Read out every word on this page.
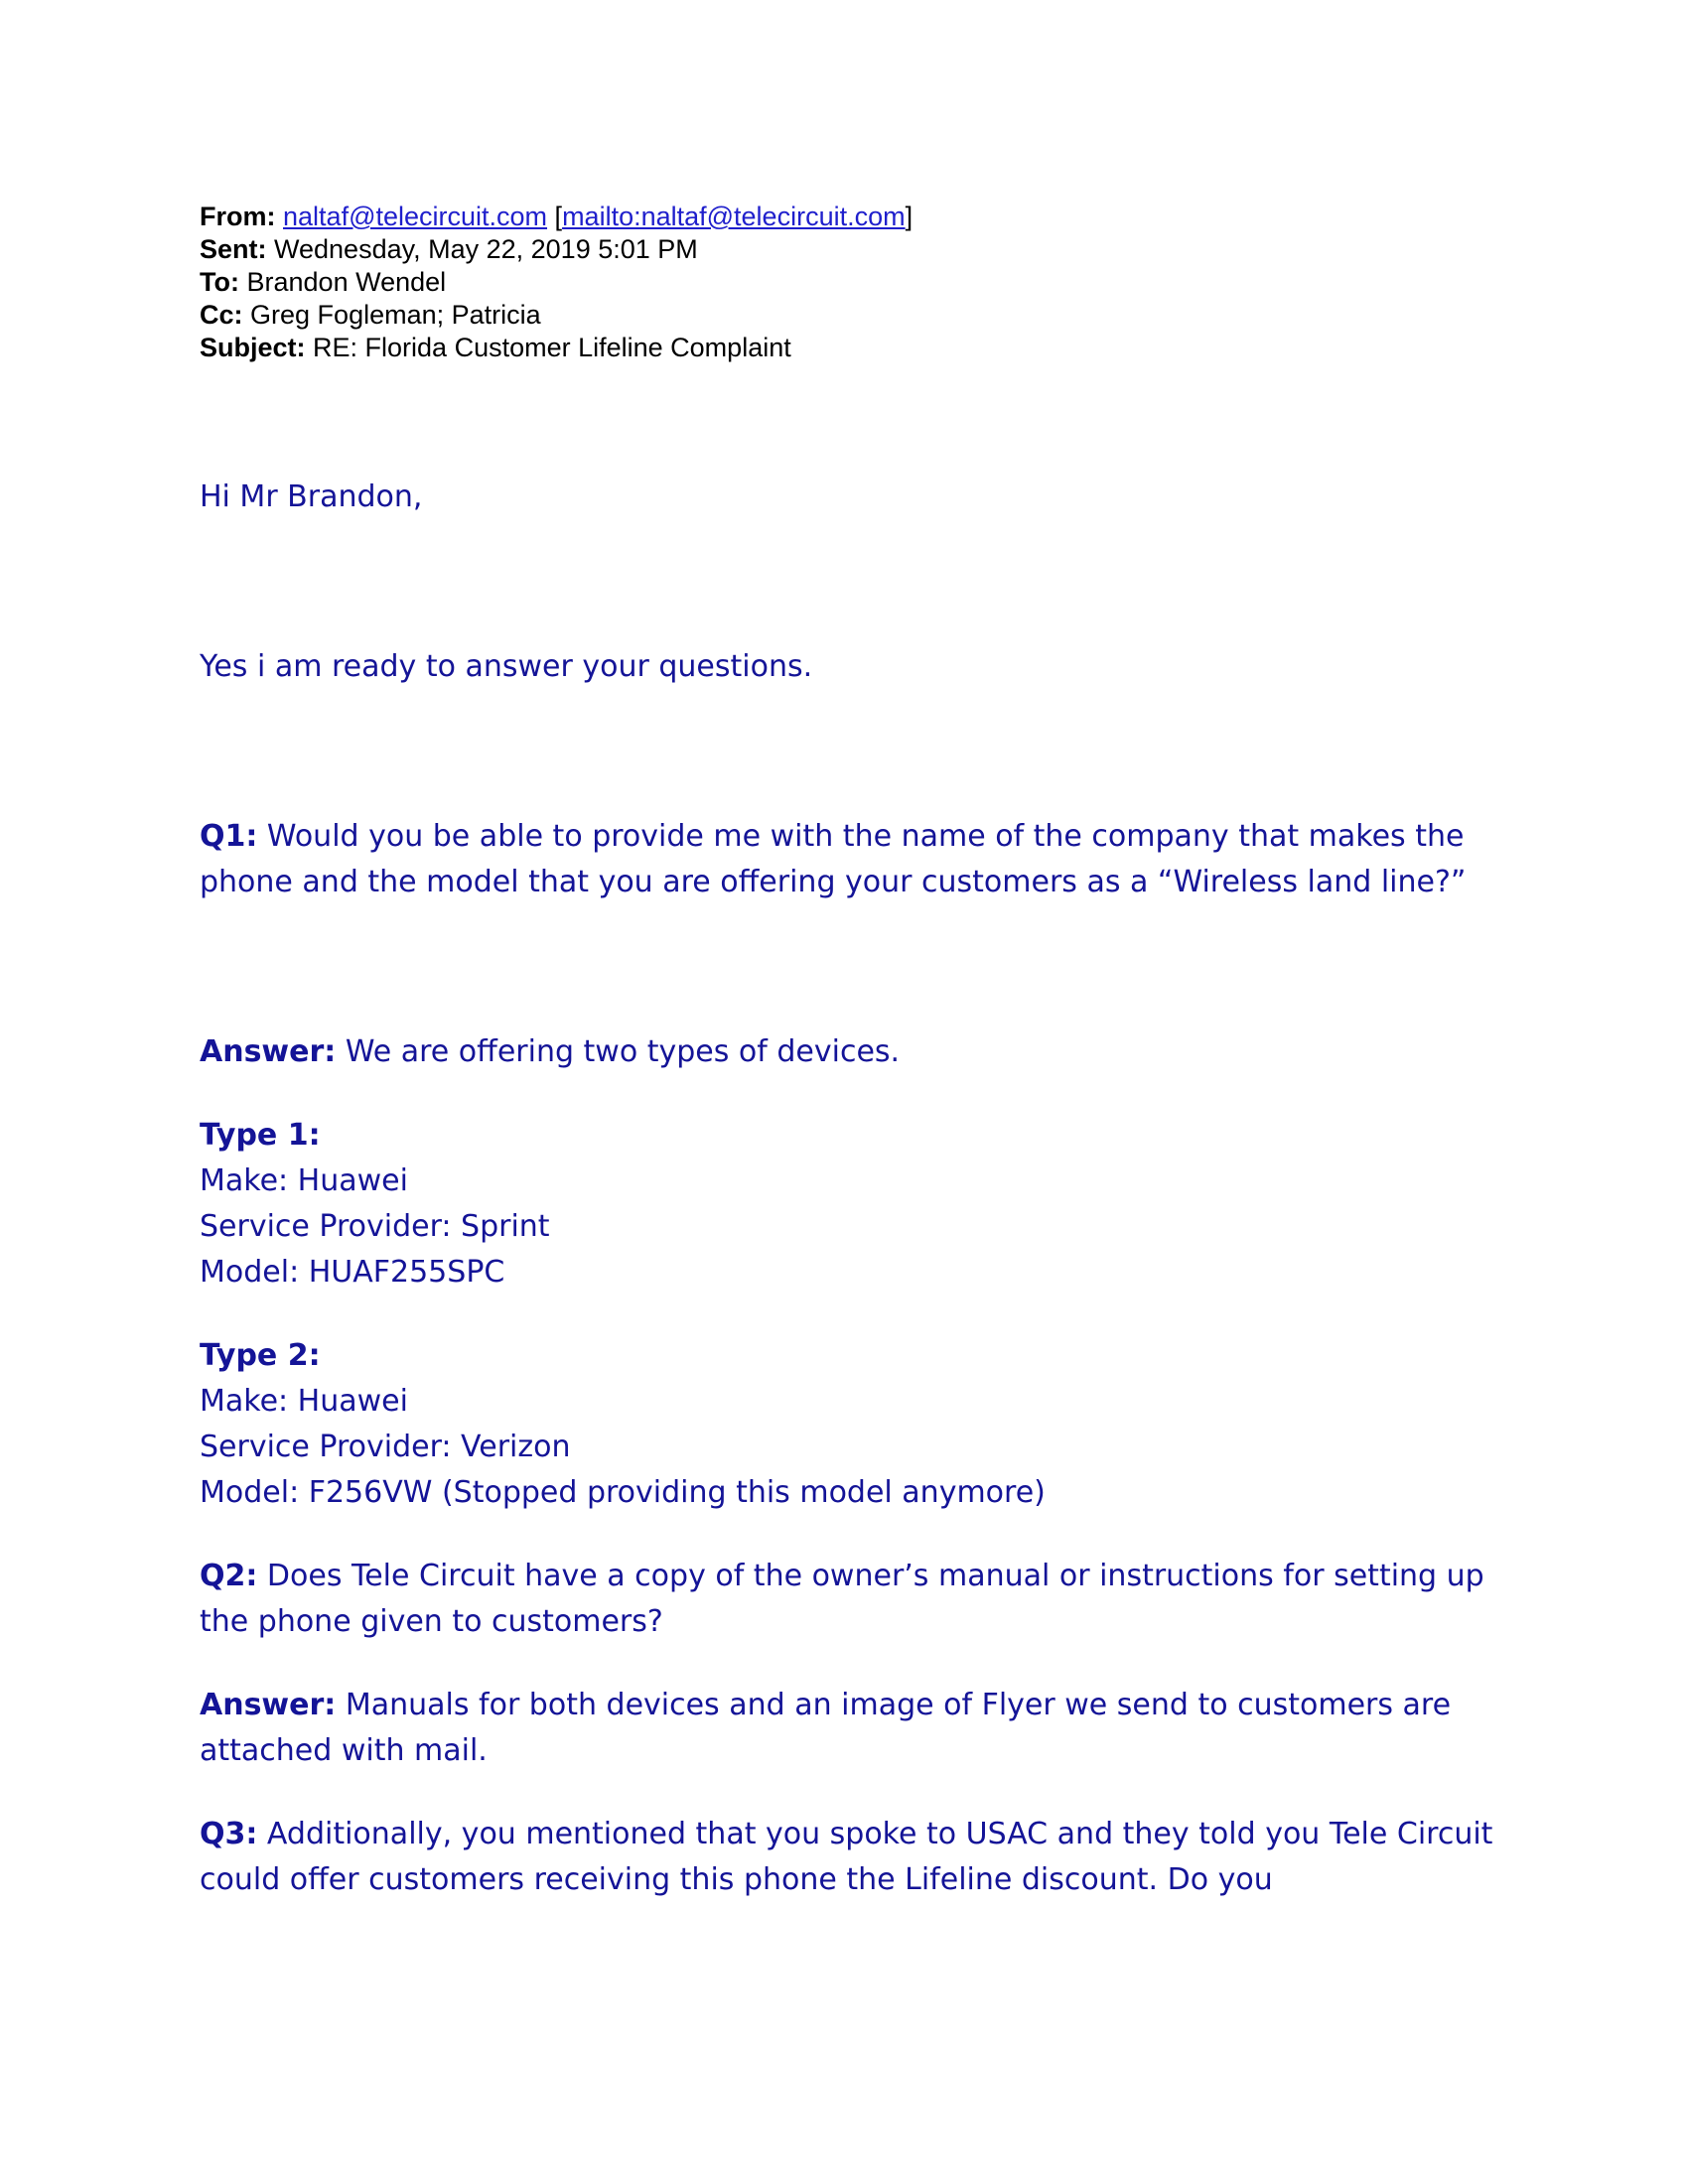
From: naltaf@telecircuit.com [mailto:naltaf@telecircuit.com]
Sent: Wednesday, May 22, 2019 5:01 PM
To: Brandon Wendel
Cc: Greg Fogleman; Patricia
Subject: RE: Florida Customer Lifeline Complaint

Hi Mr Brandon,

Yes i am ready to answer your questions.

Q1: Would you be able to provide me with the name of the company that makes the phone and the model that you are offering your customers as a “Wireless land line?”

Answer: We are offering two types of devices.

Type 1:
Make: Huawei
Service Provider: Sprint
Model: HUAF255SPC

Type 2:
Make: Huawei
Service Provider: Verizon
Model: F256VW (Stopped providing this model anymore)

Q2: Does Tele Circuit have a copy of the owner’s manual or instructions for setting up the phone given to customers?

Answer: Manuals for both devices and an image of Flyer we send to customers are attached with mail.

Q3: Additionally, you mentioned that you spoke to USAC and they told you Tele Circuit could offer customers receiving this phone the Lifeline discount. Do you
